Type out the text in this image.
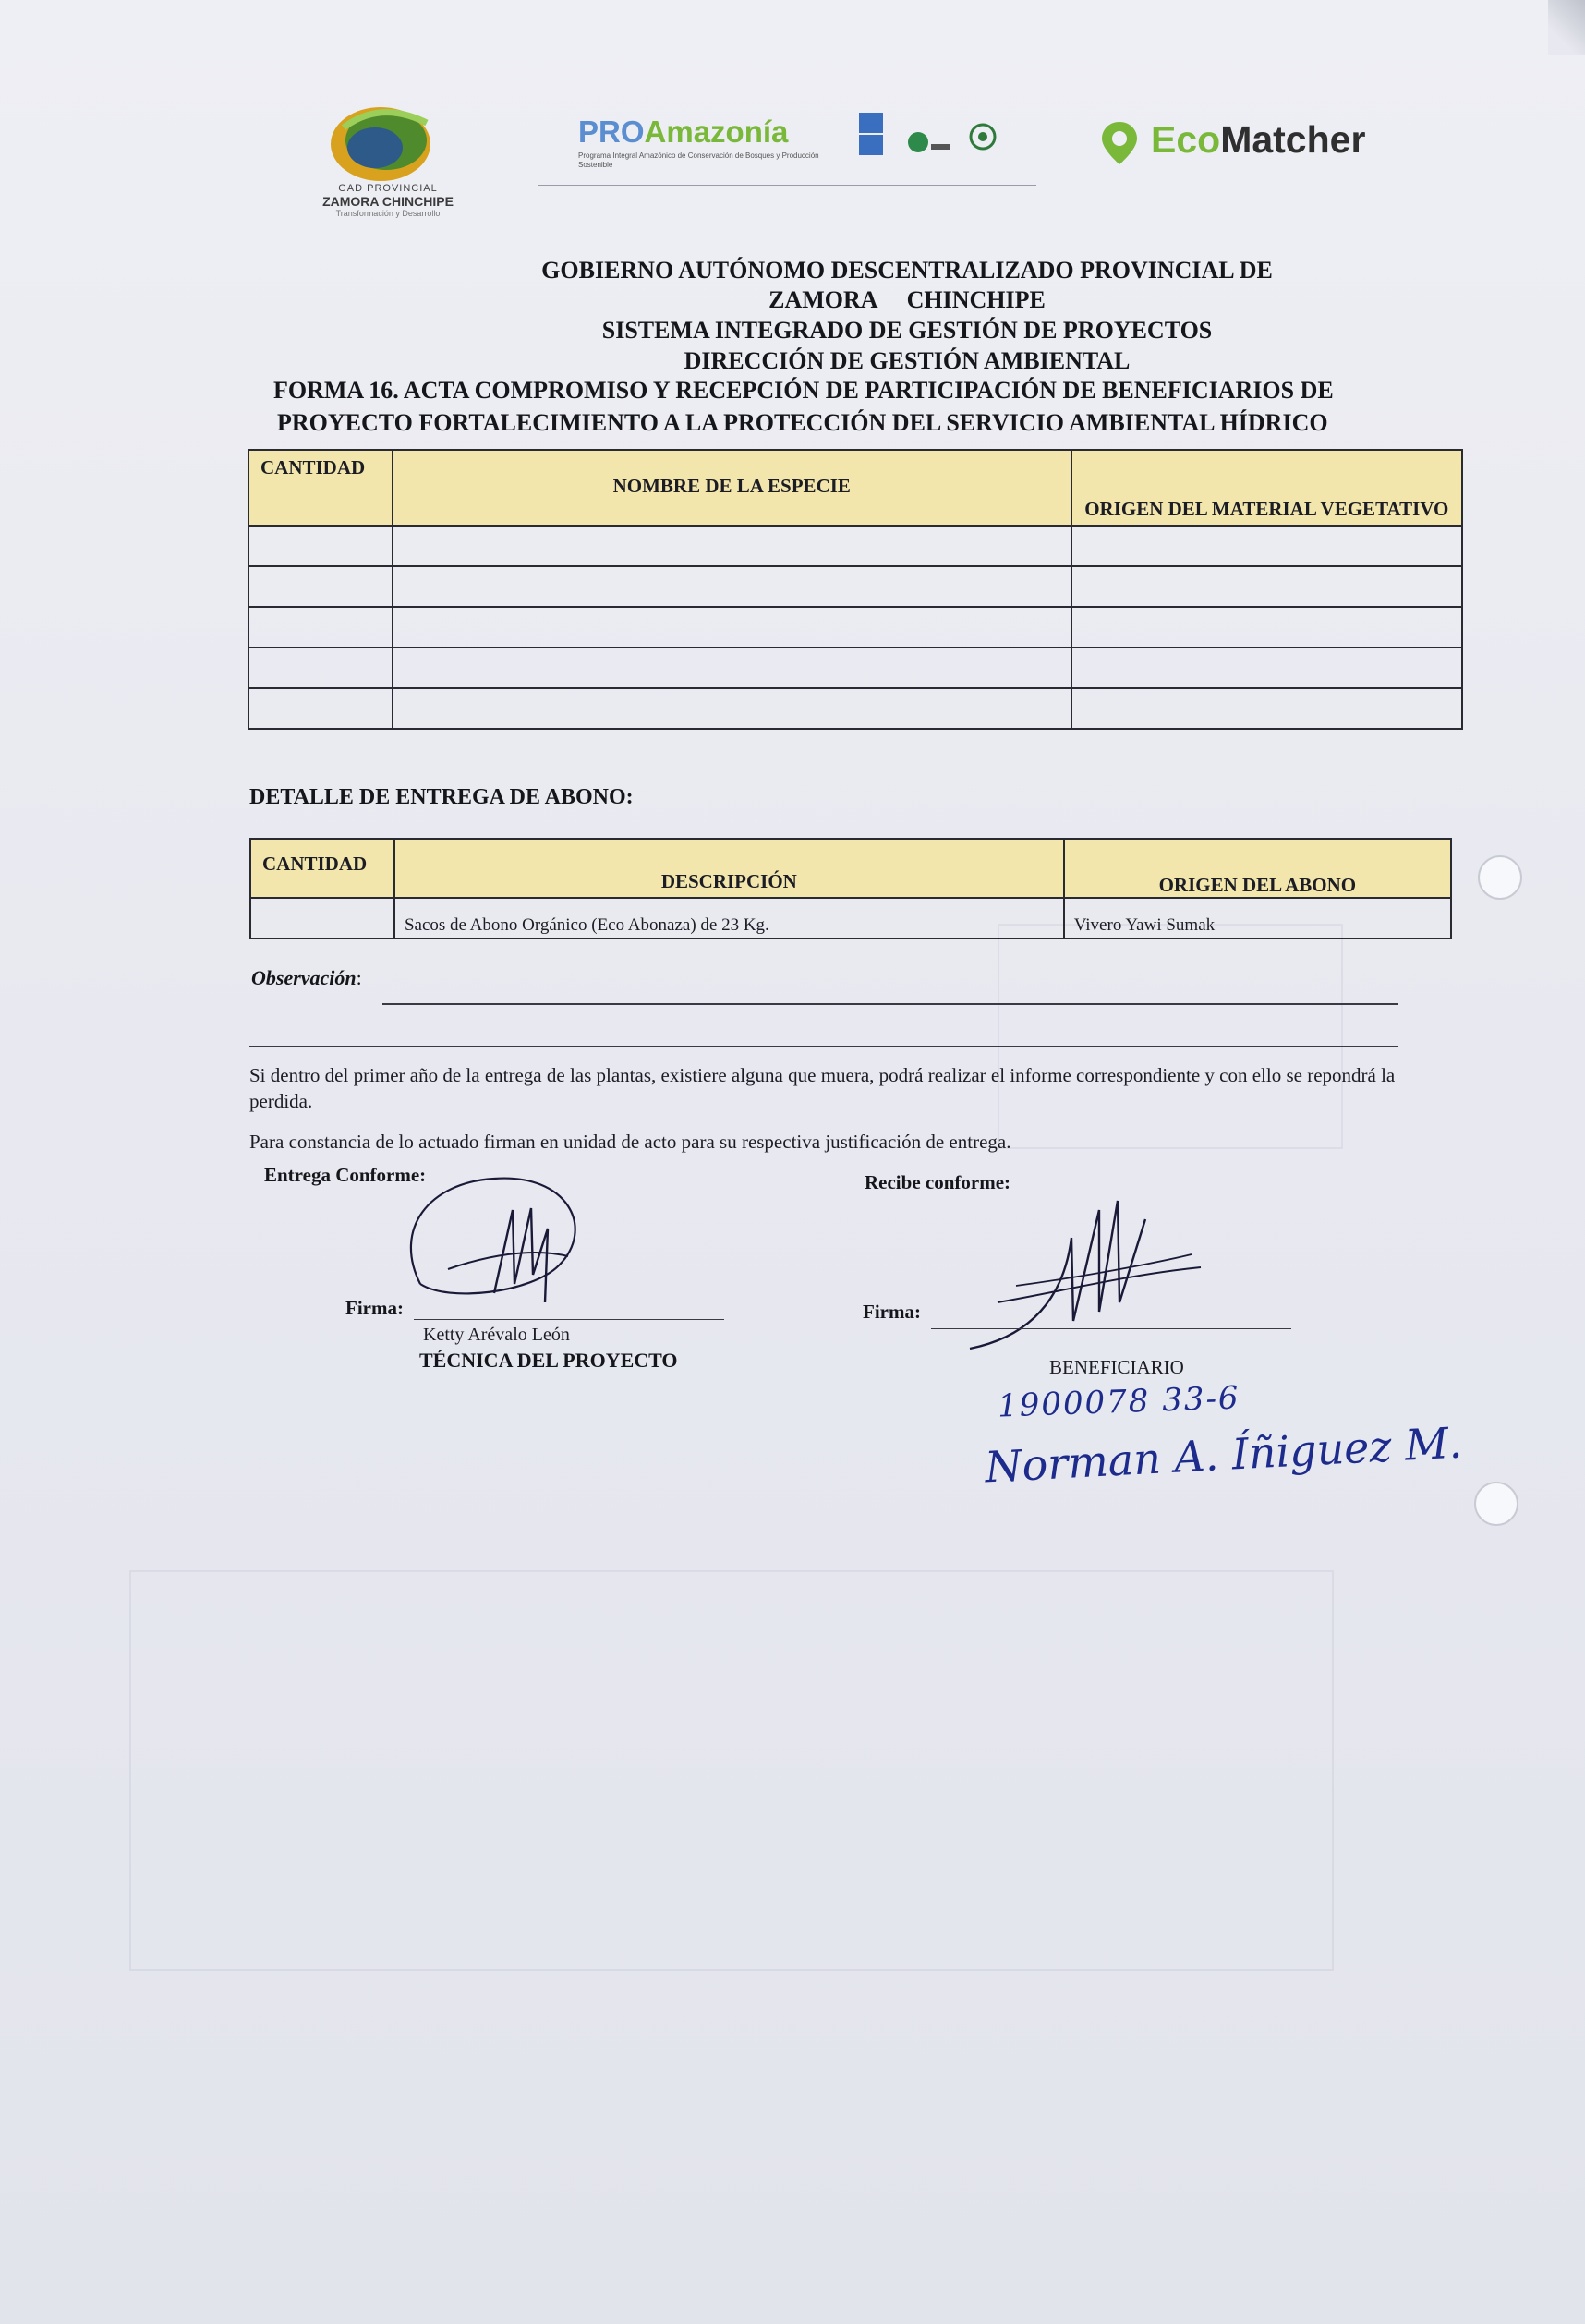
GAD PROVINCIAL
ZAMORA CHINCHIPE
Transformación y Desarrollo
PROAmazonía
Programa Integral Amazónico de Conservación de Bosques y Producción Sostenible
EcoMatcher
GOBIERNO AUTÓNOMO DESCENTRALIZADO PROVINCIAL DE
ZAMORA     CHINCHIPE
SISTEMA INTEGRADO DE GESTIÓN DE PROYECTOS
DIRECCIÓN DE GESTIÓN AMBIENTAL
FORMA 16. ACTA COMPROMISO Y RECEPCIÓN DE PARTICIPACIÓN DE BENEFICIARIOS DE
PROYECTO FORTALECIMIENTO A LA PROTECCIÓN DEL SERVICIO AMBIENTAL HÍDRICO
CANTIDAD	NOMBRE DE LA ESPECIE	ORIGEN DEL MATERIAL VEGETATIVO

DETALLE DE ENTREGA DE ABONO:
CANTIDAD	DESCRIPCIÓN	ORIGEN DEL ABONO
	Sacos de Abono Orgánico (Eco Abonaza) de 23 Kg.	Vivero Yawi Sumak
Observación:
Si dentro del primer año de la entrega de las plantas, existiere alguna que muera, podrá realizar el informe correspondiente y con ello se repondrá la perdida.
Para constancia de lo actuado firman en unidad de acto para su respectiva justificación de entrega.
Entrega Conforme:
Firma:
Ketty Arévalo León
TÉCNICA DEL PROYECTO
Recibe conforme:
Firma:
BENEFICIARIO
1900078 33-6
Norman A. Íñiguez M.
